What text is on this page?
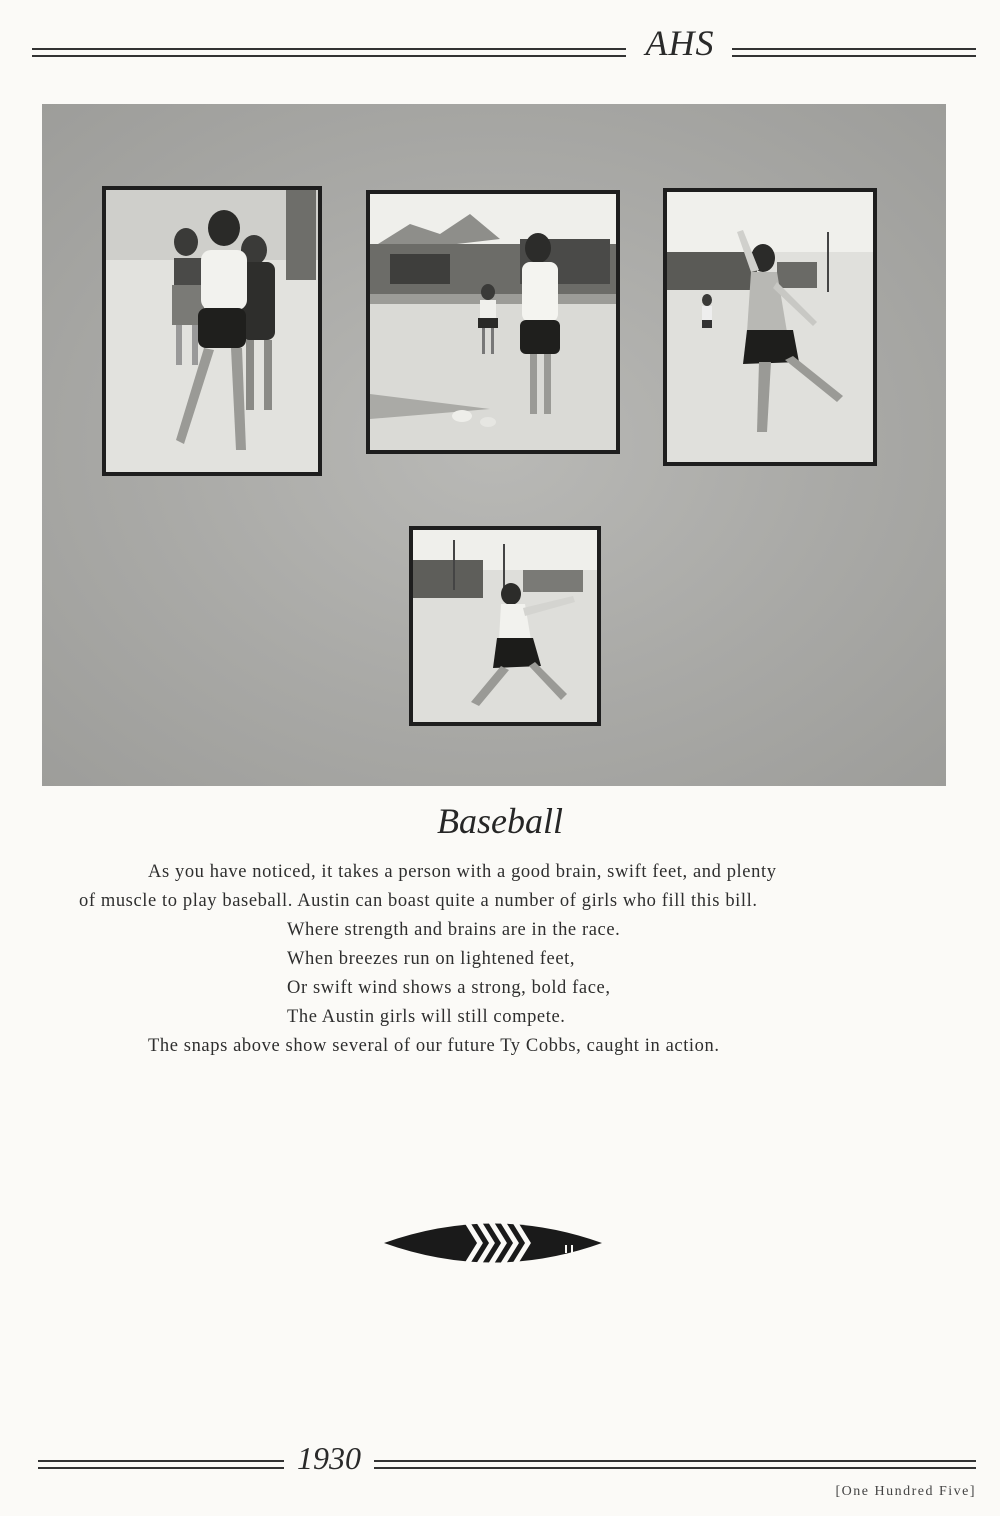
AHS
Baseball
As you have noticed, it takes a person with a good brain, swift feet, and plenty
of muscle to play baseball. Austin can boast quite a number of girls who fill this bill.
Where strength and brains are in the race.
When breezes run on lightened feet,
Or swift wind shows a strong, bold face,
The Austin girls will still compete.
The snaps above show several of our future Ty Cobbs, caught in action.
1930
[One Hundred Five]
